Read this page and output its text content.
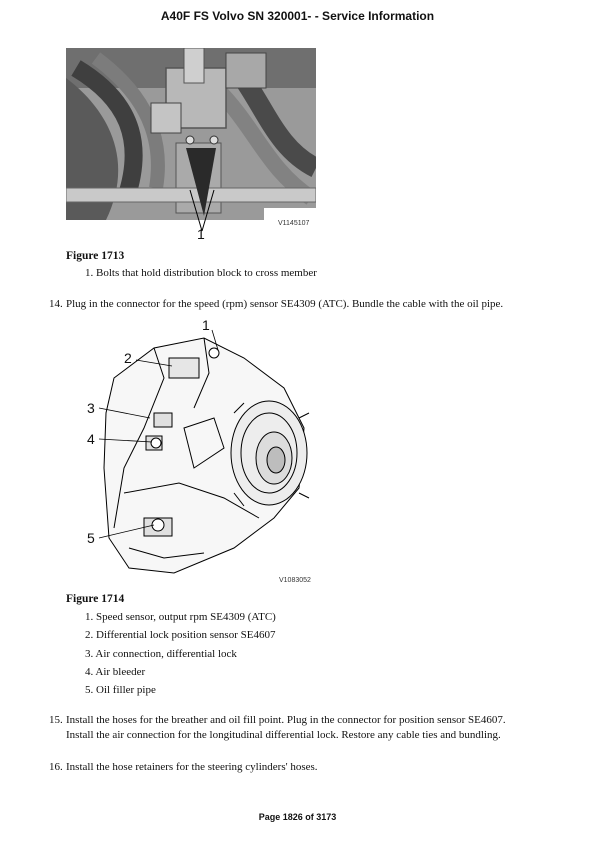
A40F FS Volvo SN 320001- - Service Information
V1145107
1
Figure 1713
1. Bolts that hold distribution block to cross member
14. Plug in the connector for the speed (rpm) sensor SE4309 (ATC). Bundle the cable with the oil pipe.
1
2
3
4
5
V1083052
Figure 1714
1. Speed sensor, output rpm SE4309 (ATC)
2. Differential lock position sensor SE4607
3. Air connection, differential lock
4. Air bleeder
5. Oil filler pipe
15. Install the hoses for the breather and oil fill point. Plug in the connector for position sensor SE4607.
Install the air connection for the longitudinal differential lock. Restore any cable ties and bundling.
16. Install the hose retainers for the steering cylinders' hoses.
Page 1826 of 3173
